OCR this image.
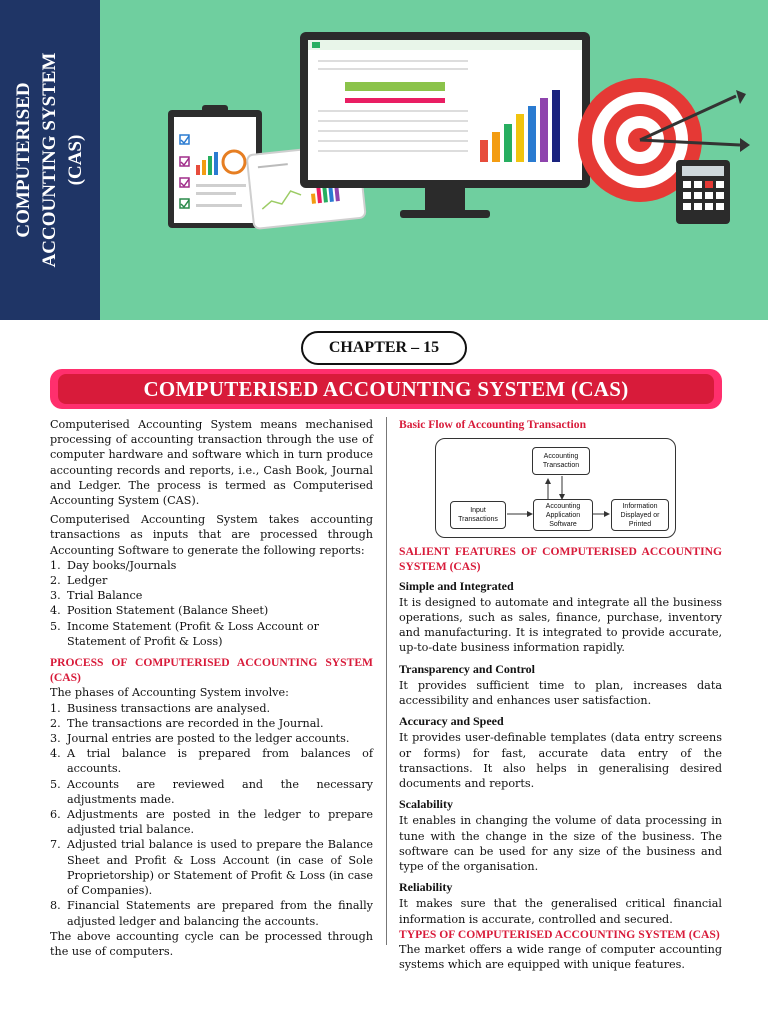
COMPUTERISED ACCOUNTING SYSTEM (CAS)
CHAPTER – 15
COMPUTERISED ACCOUNTING SYSTEM (CAS)

Computerised Accounting System means mechanised processing of accounting transaction through the use of computer hardware and software which in turn produce accounting records and reports, i.e., Cash Book, Journal and Ledger. The process is termed as Computerised Accounting System (CAS).

Computerised Accounting System takes accounting transactions as inputs that are processed through Accounting Software to generate the following reports:

1. Day books/Journals
2. Ledger
3. Trial Balance
4. Position Statement (Balance Sheet)
5. Income Statement (Profit & Loss Account or Statement of Profit & Loss)

PROCESS OF COMPUTERISED ACCOUNTING SYSTEM (CAS)

The phases of Accounting System involve:

1. Business transactions are analysed.
2. The transactions are recorded in the Journal.
3. Journal entries are posted to the ledger accounts.
4. A trial balance is prepared from balances of accounts.
5. Accounts are reviewed and the necessary adjustments made.
6. Adjustments are posted in the ledger to prepare adjusted trial balance.
7. Adjusted trial balance is used to prepare the Balance Sheet and Profit & Loss Account (in case of Sole Proprietorship) or Statement of Profit & Loss (in case of Companies).
8. Financial Statements are prepared from the finally adjusted ledger and balancing the accounts.

The above accounting cycle can be processed through the use of computers.

Basic Flow of Accounting Transaction

Accounting Transaction
Input Transactions
Accounting Application Software
Information Displayed or Printed

SALIENT FEATURES OF COMPUTERISED ACCOUNTING SYSTEM (CAS)

Simple and Integrated

It is designed to automate and integrate all the business operations, such as sales, finance, purchase, inventory and manufacturing. It is integrated to provide accurate, up-to-date business information rapidly.

Transparency and Control

It provides sufficient time to plan, increases data accessibility and enhances user satisfaction.

Accuracy and Speed

It provides user-definable templates (data entry screens or forms) for fast, accurate data entry of the transactions. It also helps in generalising desired documents and reports.

Scalability

It enables in changing the volume of data processing in tune with the change in the size of the business. The software can be used for any size of the business and type of the organisation.

Reliability

It makes sure that the generalised critical financial information is accurate, controlled and secured.

TYPES OF COMPUTERISED ACCOUNTING SYSTEM (CAS)

The market offers a wide range of computer accounting systems which are equipped with unique features.
